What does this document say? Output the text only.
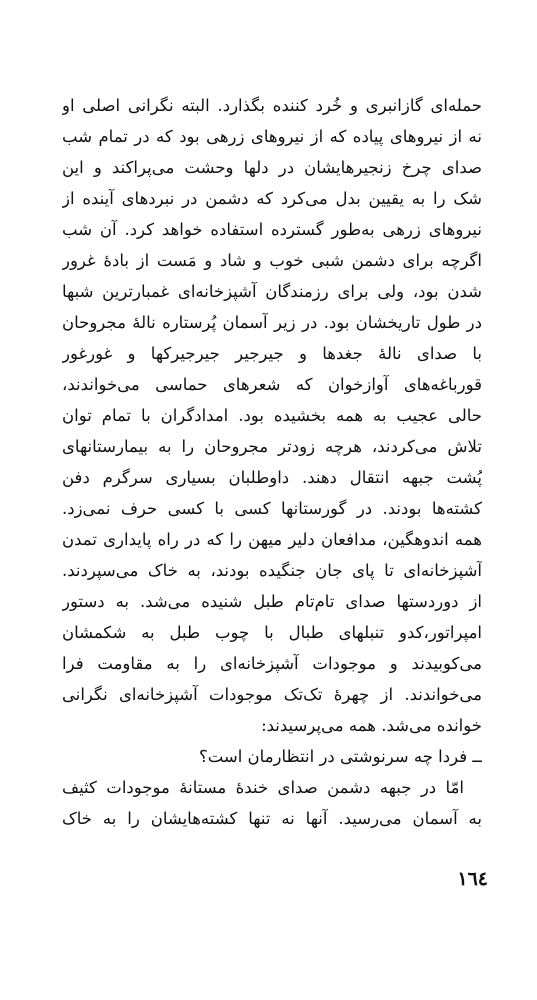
حمله‌ای گازانبری و خُرد کننده بگذارد. البته نگرانی اصلی او
نه از نیروهای پیاده که از نیروهای زرهی بود که در تمام شب
صدای چرخ زنجیرهایشان در دلها وحشت می‌پراکند و این
شک را به یقیین بدل می‌کرد که دشمن در نبردهای آینده از
نیروهای زرهی به‌طور گسترده استفاده خواهد کرد. آن شب
اگرچه برای دشمن شبی خوب و شاد و مَست از بادهٔ غرور
شدن بود، ولی برای رزمندگان آشپزخانه‌ای غمبارترین شبها
در طول تاریخشان بود. در زیر آسمان پُرستاره نالهٔ مجروحان
با صدای نالهٔ جغدها و جیرجیر جیرجیرکها و غورغور
قورباغه‌های آوازخوان که شعرهای حماسی می‌خواندند،
حالی عجیب به همه بخشیده بود. امدادگران با تمام توان
تلاش می‌کردند، هرچه زودتر مجروحان را به بیمارستانهای
پُشت جبهه انتقال دهند. داوطلبان بسیاری سرگرم دفن
کشته‌ها بودند. در گورستانها کسی با کسی حرف نمی‌زد.
همه اندوهگین، مدافعان دلیر میهن را که در راه پایداری تمدن
آشپزخانه‌ای تا پای جان جنگیده بودند، به خاک می‌سپردند.
از دوردستها صدای تام‌تام طبل شنیده می‌شد. به دستور
امپراتور،کدو تنبلهای طبال با چوب طبل به شکمشان
می‌کوبیدند و موجودات آشپزخانه‌ای را به مقاومت فرا
می‌خواندند. از چهرهٔ تک‌تک موجودات آشپزخانه‌ای نگرانی
خوانده می‌شد. همه می‌پرسیدند:
ــ فردا چه سرنوشتی در انتظارمان است؟
امّا در جبهه دشمن صدای خندهٔ مستانهٔ موجودات کثیف
به آسمان می‌رسید. آنها نه تنها کشته‌هایشان را به خاک
١٦٤
